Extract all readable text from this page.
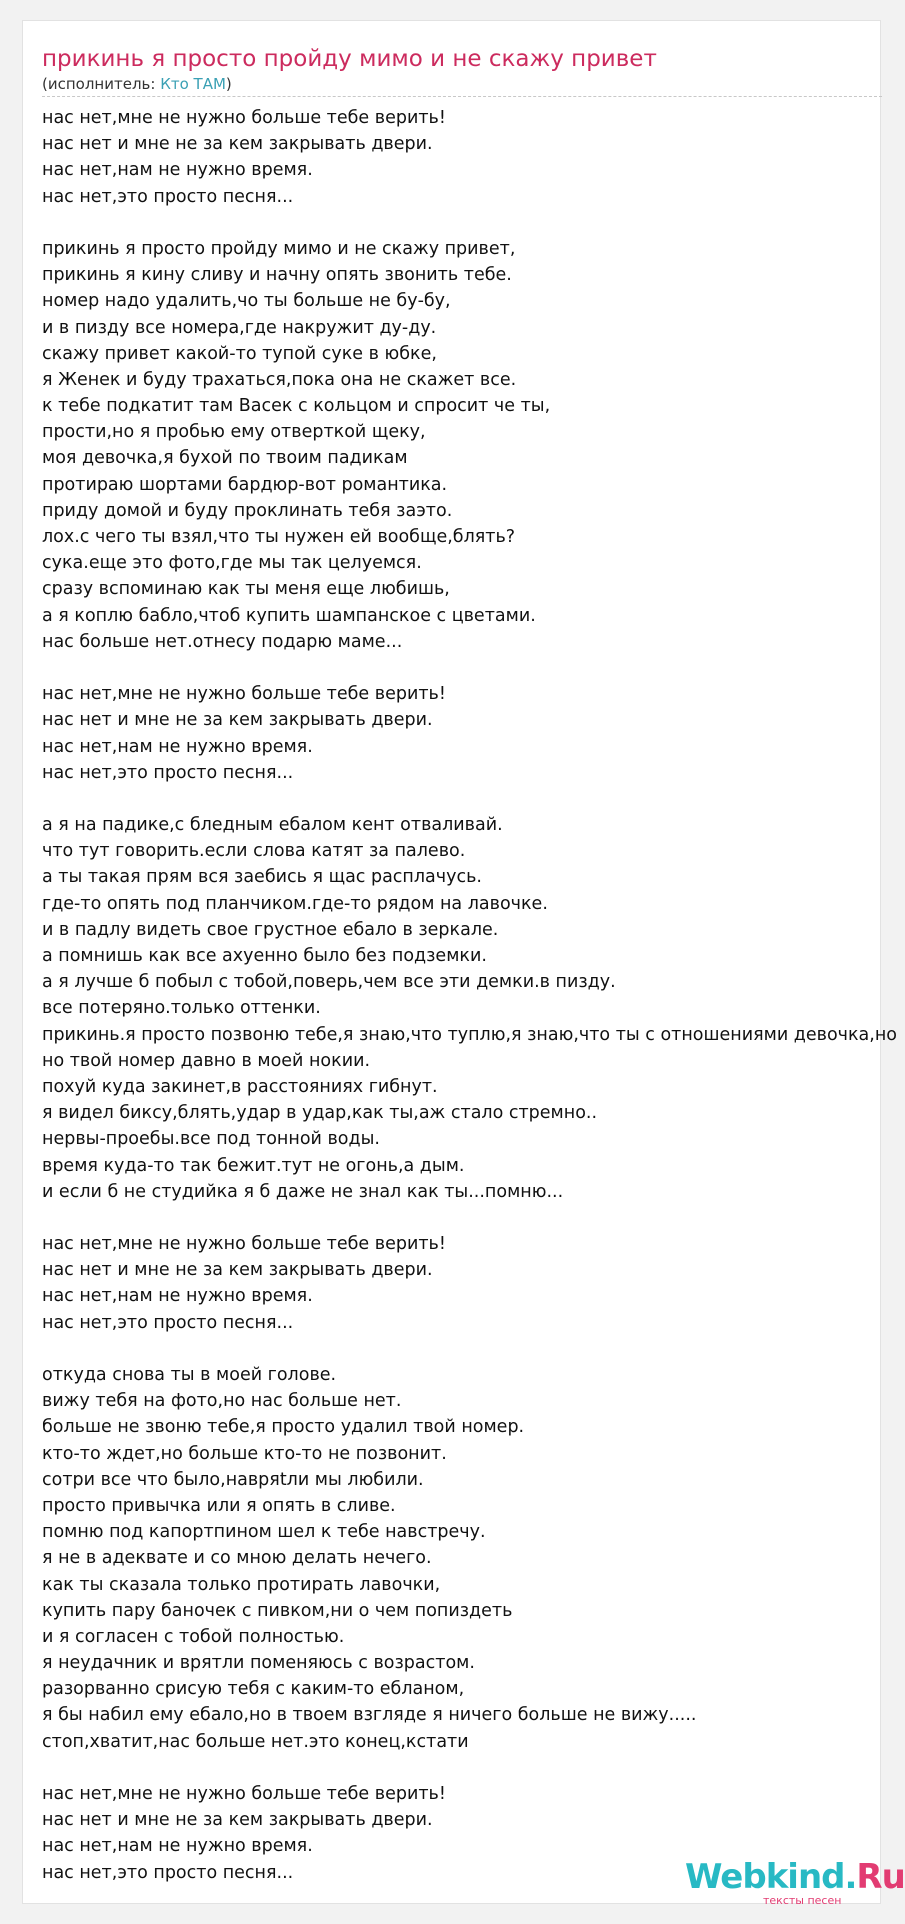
прикинь я просто пройду мимо и не скажу привет
(исполнитель: Кто ТАМ)
нас нет,мне не нужно больше тебе верить!
нас нет и мне не за кем закрывать двери.
нас нет,нам не нужно время.
нас нет,это просто песня...
прикинь я просто пройду мимо и не скажу привет,
прикинь я кину сливу и начну опять звонить тебе.
номер надо удалить,чо ты больше не бу-бу,
и в пизду все номера,где накружит ду-ду.
скажу привет какой-то тупой суке в юбке,
я Женек и буду трахаться,пока она не скажет все.
к тебе подкатит там Васек с кольцом и спросит че ты,
прости,но я пробью ему отверткой щеку,
моя девочка,я бухой по твоим падикам
протираю шортами бардюр-вот романтика.
приду домой и буду проклинать тебя заэто.
лох.с чего ты взял,что ты нужен ей вообще,блять?
сука.еще это фото,где мы так целуемся.
сразу вспоминаю как ты меня еще любишь,
а я коплю бабло,чтоб купить шампанское с цветами.
нас больше нет.отнесу подарю маме...
нас нет,мне не нужно больше тебе верить!
нас нет и мне не за кем закрывать двери.
нас нет,нам не нужно время.
нас нет,это просто песня...
а я на падике,с бледным ебалом кент отваливай.
что тут говорить.если слова катят за палево.
а ты такая прям вся заебись я щас расплачусь.
где-то опять под планчиком.где-то рядом на лавочке.
и в падлу видеть свое грустное ебало в зеркале.
а помнишь как все ахуенно было без подземки.
а я лучше б побыл с тобой,поверь,чем все эти демки.в пизду.
все потеряно.только оттенки.
прикинь.я просто позвоню тебе,я знаю,что туплю,я знаю,что ты с отношениями девочка,но
но твой номер давно в моей нокии.
похуй куда закинет,в расстояниях гибнут.
я видел биксу,блять,удар в удар,как ты,аж стало стремно..
нервы-проебы.все под тонной воды.
время куда-то так бежит.тут не огонь,а дым.
и если б не студийка я б даже не знал как ты...помню...
нас нет,мне не нужно больше тебе верить!
нас нет и мне не за кем закрывать двери.
нас нет,нам не нужно время.
нас нет,это просто песня...
откуда снова ты в моей голове.
вижу тебя на фото,но нас больше нет.
больше не звоню тебе,я просто удалил твой номер.
кто-то ждет,но больше кто-то не позвонит.
сотри все что было,навряtли мы любили.
просто привычка или я опять в сливе.
помню под капортпином шел к тебе навстречу.
я не в адеквате и со мною делать нечего.
как ты сказала только протирать лавочки,
купить пару баночек с пивком,ни о чем попиздеть
и я согласен с тобой полностью.
я неудачник и врятли поменяюсь с возрастом.
разорванно срисую тебя с каким-то ебланом,
я бы набил ему ебало,но в твоем взгляде я ничего больше не вижу.....
стоп,хватит,нас больше нет.это конец,кстати
нас нет,мне не нужно больше тебе верить!
нас нет и мне не за кем закрывать двери.
нас нет,нам не нужно время.
нас нет,это просто песня...	Webkind.Ru
тексты песен
